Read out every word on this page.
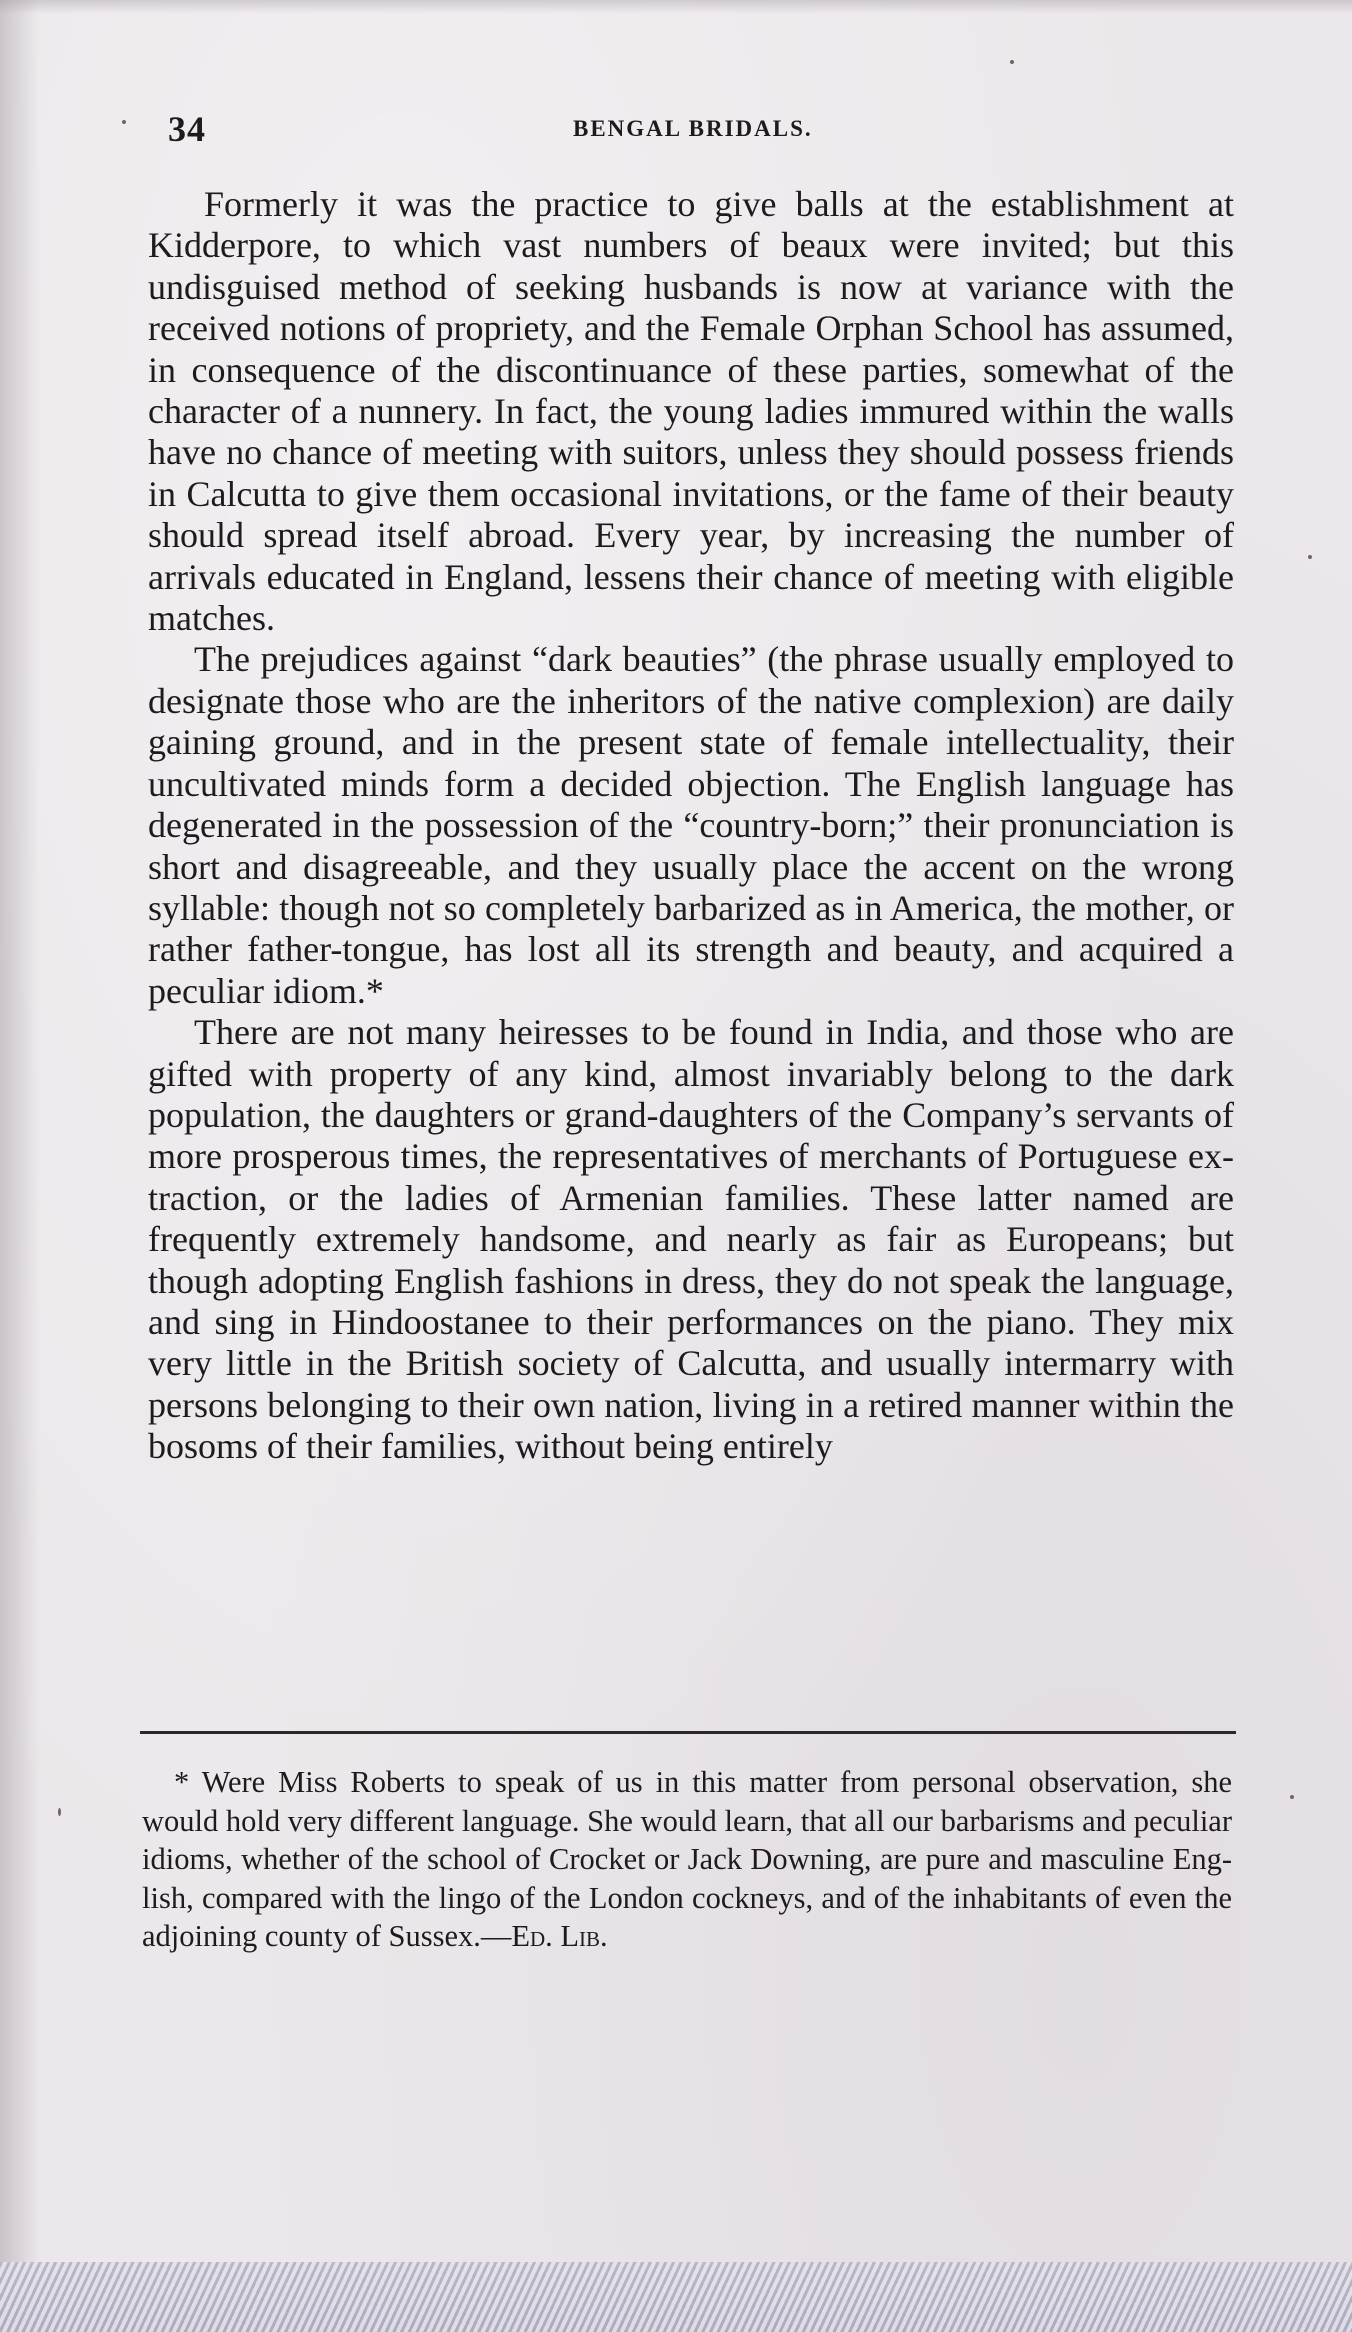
34	BENGAL BRIDALS.

Formerly it was the practice to give balls at the establishment at Kidderpore, to which vast numbers of beaux were invited; but this undisguised method of seeking husbands is now at variance with the received notions of propriety, and the Female Orphan School has assumed, in consequence of the discontinuance of these parties, somewhat of the character of a nunnery. In fact, the young ladies immured within the walls have no chance of meeting with suitors, unless they should possess friends in Calcutta to give them occasional invitations, or the fame of their beauty should spread itself abroad. Every year, by increasing the number of arrivals educated in England, lessens their chance of meeting with eligible matches.

The prejudices against “dark beauties” (the phrase usually employed to designate those who are the inheritors of the native complexion) are daily gaining ground, and in the present state of female intellectuality, their uncultivated minds form a decided objection. The English language has degenerated in the possession of the “country-born;” their pronunciation is short and disagreeable, and they usually place the accent on the wrong syllable: though not so completely barbarized as in America, the mother, or rather father-tongue, has lost all its strength and beauty, and acquired a peculiar idiom.*

There are not many heiresses to be found in India, and those who are gifted with property of any kind, almost invariably belong to the dark population, the daughters or grand-daughters of the Company’s servants of more prosperous times, the representatives of merchants of Portuguese extraction, or the ladies of Armenian families. These latter named are frequently extremely handsome, and nearly as fair as Europeans; but though adopting English fashions in dress, they do not speak the language, and sing in Hindoostanee to their performances on the piano. They mix very little in the British society of Calcutta, and usually intermarry with persons belonging to their own nation, living in a retired manner within the bosoms of their families, without being entirely

* Were Miss Roberts to speak of us in this matter from personal observation, she would hold very different language. She would learn, that all our barbarisms and peculiar idioms, whether of the school of Crocket or Jack Downing, are pure and masculine English, compared with the lingo of the London cockneys, and of the inhabitants of even the adjoining county of Sussex.—Ed. Lib.
